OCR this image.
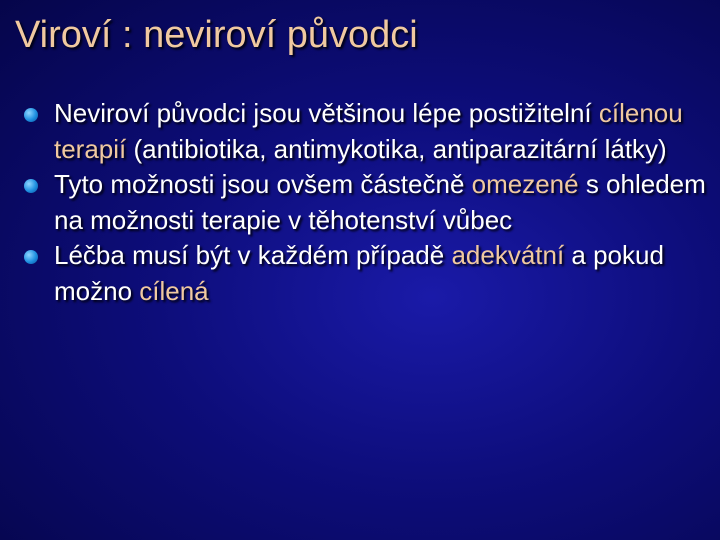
Viroví : neviroví původci
Neviroví původci jsou většinou lépe postižitelní cílenou terapií (antibiotika, antimykotika, antiparazitární látky)
Tyto možnosti jsou ovšem částečně omezené s ohledem na možnosti terapie v těhotenství vůbec
Léčba musí být v každém případě adekvátní a pokud možno cílená
